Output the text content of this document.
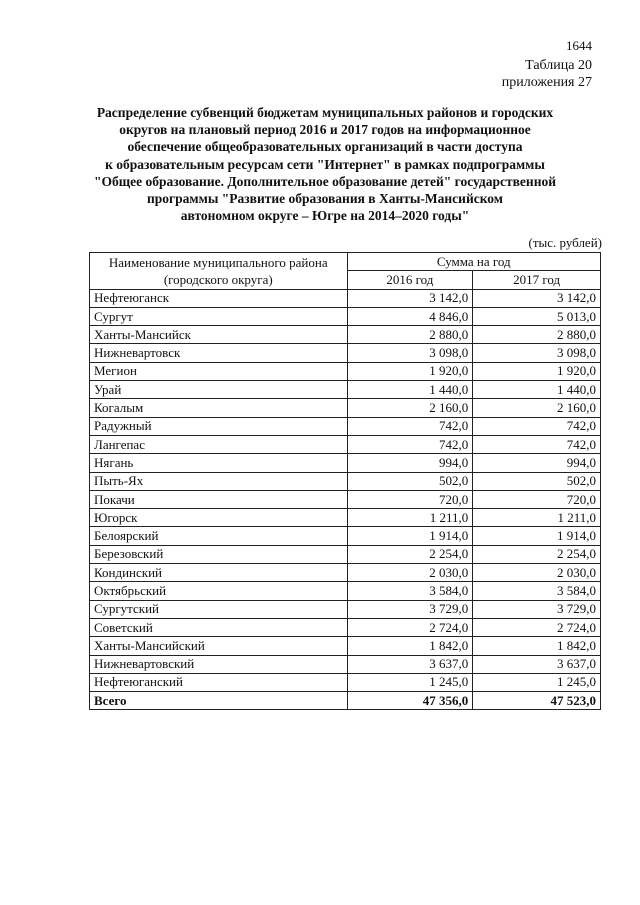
1644
Таблица 20
приложения 27
Распределение субвенций бюджетам муниципальных районов и городских
округов на плановый период 2016 и 2017 годов на информационное
обеспечение общеобразовательных организаций в части доступа
к образовательным ресурсам сети "Интернет" в рамках подпрограммы
"Общее образование. Дополнительное образование детей" государственной
программы "Развитие образования в Ханты-Мансийском
автономном округе – Югре на 2014–2020 годы"
(тыс. рублей)
Наименование муниципального района (городского округа)	Сумма на год	
	2016 год	2017 год
Нефтеюганск	3 142,0	3 142,0
Сургут	4 846,0	5 013,0
Ханты-Мансийск	2 880,0	2 880,0
Нижневартовск	3 098,0	3 098,0
Мегион	1 920,0	1 920,0
Урай	1 440,0	1 440,0
Когалым	2 160,0	2 160,0
Радужный	742,0	742,0
Лангепас	742,0	742,0
Нягань	994,0	994,0
Пыть-Ях	502,0	502,0
Покачи	720,0	720,0
Югорск	1 211,0	1 211,0
Белоярский	1 914,0	1 914,0
Березовский	2 254,0	2 254,0
Кондинский	2 030,0	2 030,0
Октябрьский	3 584,0	3 584,0
Сургутский	3 729,0	3 729,0
Советский	2 724,0	2 724,0
Ханты-Мансийский	1 842,0	1 842,0
Нижневартовский	3 637,0	3 637,0
Нефтеюганский	1 245,0	1 245,0
Всего	47 356,0	47 523,0
